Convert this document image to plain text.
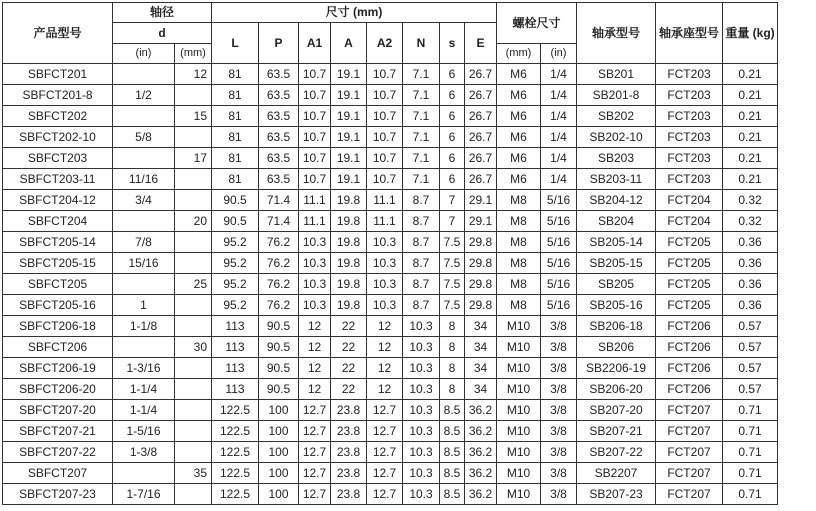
产品型号	轴径		尺寸 (mm)								螺栓尺寸		轴承型号	轴承座型号	重量 (kg)
	d		L	P	A1	A	A2	N	s	E					
	(in)	(mm)									(mm)	(in)			
SBFCT201		12	81	63.5	10.7	19.1	10.7	7.1	6	26.7	M6	1/4	SB201	FCT203	0.21
SBFCT201-8	1/2		81	63.5	10.7	19.1	10.7	7.1	6	26.7	M6	1/4	SB201-8	FCT203	0.21
SBFCT202		15	81	63.5	10.7	19.1	10.7	7.1	6	26.7	M6	1/4	SB202	FCT203	0.21
SBFCT202-10	5/8		81	63.5	10.7	19.1	10.7	7.1	6	26.7	M6	1/4	SB202-10	FCT203	0.21
SBFCT203		17	81	63.5	10.7	19.1	10.7	7.1	6	26.7	M6	1/4	SB203	FCT203	0.21
SBFCT203-11	11/16		81	63.5	10.7	19.1	10.7	7.1	6	26.7	M6	1/4	SB203-11	FCT203	0.21
SBFCT204-12	3/4		90.5	71.4	11.1	19.8	11.1	8.7	7	29.1	M8	5/16	SB204-12	FCT204	0.32
SBFCT204		20	90.5	71.4	11.1	19.8	11.1	8.7	7	29.1	M8	5/16	SB204	FCT204	0.32
SBFCT205-14	7/8		95.2	76.2	10.3	19.8	10.3	8.7	7.5	29.8	M8	5/16	SB205-14	FCT205	0.36
SBFCT205-15	15/16		95.2	76.2	10.3	19.8	10.3	8.7	7.5	29.8	M8	5/16	SB205-15	FCT205	0.36
SBFCT205		25	95.2	76.2	10.3	19.8	10.3	8.7	7.5	29.8	M8	5/16	SB205	FCT205	0.36
SBFCT205-16	1		95.2	76.2	10.3	19.8	10.3	8.7	7.5	29.8	M8	5/16	SB205-16	FCT205	0.36
SBFCT206-18	1-1/8		113	90.5	12	22	12	10.3	8	34	M10	3/8	SB206-18	FCT206	0.57
SBFCT206		30	113	90.5	12	22	12	10.3	8	34	M10	3/8	SB206	FCT206	0.57
SBFCT206-19	1-3/16		113	90.5	12	22	12	10.3	8	34	M10	3/8	SB2206-19	FCT206	0.57
SBFCT206-20	1-1/4		113	90.5	12	22	12	10.3	8	34	M10	3/8	SB206-20	FCT206	0.57
SBFCT207-20	1-1/4		122.5	100	12.7	23.8	12.7	10.3	8.5	36.2	M10	3/8	SB207-20	FCT207	0.71
SBFCT207-21	1-5/16		122.5	100	12.7	23.8	12.7	10.3	8.5	36.2	M10	3/8	SB207-21	FCT207	0.71
SBFCT207-22	1-3/8		122.5	100	12.7	23.8	12.7	10.3	8.5	36.2	M10	3/8	SB207-22	FCT207	0.71
SBFCT207		35	122.5	100	12.7	23.8	12.7	10.3	8.5	36.2	M10	3/8	SB2207	FCT207	0.71
SBFCT207-23	1-7/16		122.5	100	12.7	23.8	12.7	10.3	8.5	36.2	M10	3/8	SB207-23	FCT207	0.71
